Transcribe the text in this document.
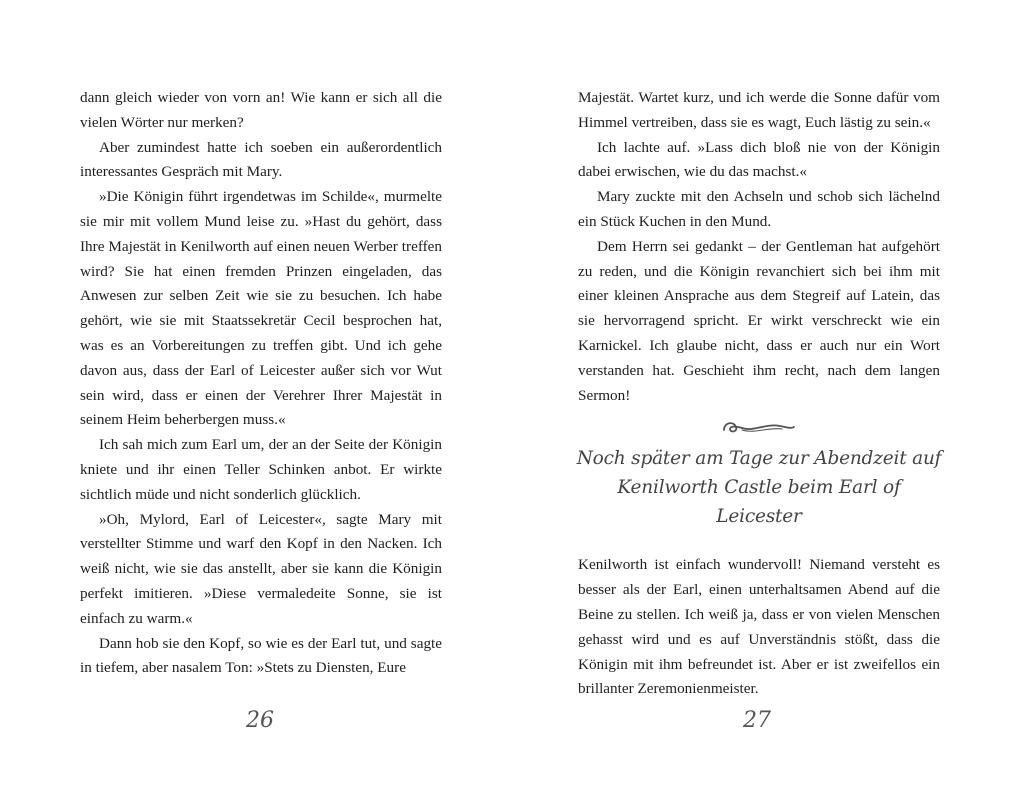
dann gleich wieder von vorn an! Wie kann er sich all die vielen Wörter nur merken?

Aber zumindest hatte ich soeben ein außerordentlich interessantes Gespräch mit Mary.

»Die Königin führt irgendetwas im Schilde«, murmelte sie mir mit vollem Mund leise zu. »Hast du gehört, dass Ihre Majestät in Kenilworth auf einen neuen Werber treffen wird? Sie hat einen fremden Prinzen eingeladen, das Anwesen zur selben Zeit wie sie zu besuchen. Ich habe gehört, wie sie mit Staatssekretär Cecil besprochen hat, was es an Vorbereitungen zu treffen gibt. Und ich gehe davon aus, dass der Earl of Leicester außer sich vor Wut sein wird, dass er einen der Verehrer Ihrer Majestät in seinem Heim beherbergen muss.«

Ich sah mich zum Earl um, der an der Seite der Königin kniete und ihr einen Teller Schinken anbot. Er wirkte sichtlich müde und nicht sonderlich glücklich.

»Oh, Mylord, Earl of Leicester«, sagte Mary mit verstellter Stimme und warf den Kopf in den Nacken. Ich weiß nicht, wie sie das anstellt, aber sie kann die Königin perfekt imitieren. »Diese vermaledeite Sonne, sie ist einfach zu warm.«

Dann hob sie den Kopf, so wie es der Earl tut, und sagte in tiefem, aber nasalem Ton: »Stets zu Diensten, Eure

Majestät. Wartet kurz, und ich werde die Sonne dafür vom Himmel vertreiben, dass sie es wagt, Euch lästig zu sein.«

Ich lachte auf. »Lass dich bloß nie von der Königin dabei erwischen, wie du das machst.«

Mary zuckte mit den Achseln und schob sich lächelnd ein Stück Kuchen in den Mund.

Dem Herrn sei gedankt – der Gentleman hat aufgehört zu reden, und die Königin revanchiert sich bei ihm mit einer kleinen Ansprache aus dem Stegreif auf Latein, das sie hervorragend spricht. Er wirkt verschreckt wie ein Karnickel. Ich glaube nicht, dass er auch nur ein Wort verstanden hat. Geschieht ihm recht, nach dem langen Sermon!

Noch später am Tage zur Abendzeit auf
Kenilworth Castle beim Earl of Leicester

Kenilworth ist einfach wundervoll! Niemand versteht es besser als der Earl, einen unterhaltsamen Abend auf die Beine zu stellen. Ich weiß ja, dass er von vielen Menschen gehasst wird und es auf Unverständnis stößt, dass die Königin mit ihm befreundet ist. Aber er ist zweifellos ein brillanter Zeremonienmeister.

26	27
